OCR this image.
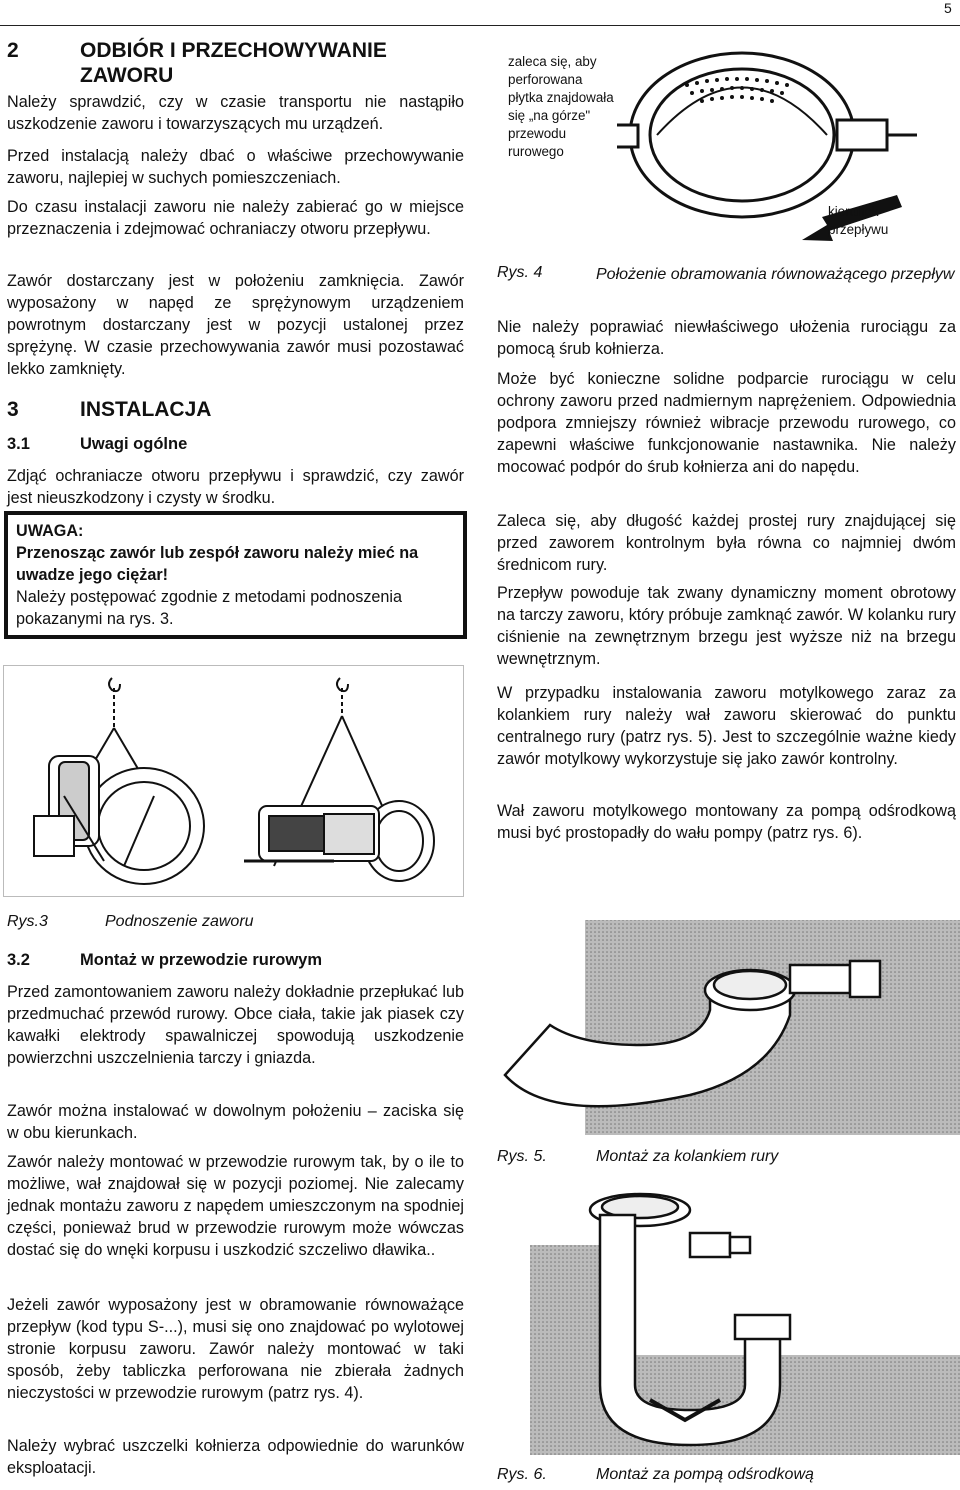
5
2	ODBIÓR I PRZECHOWYWANIE
ZAWORU

Należy sprawdzić, czy w czasie transportu nie nastąpiło uszkodzenie zaworu i towarzyszących mu urządzeń.

Przed instalacją należy dbać o właściwe przechowywanie zaworu, najlepiej w suchych pomieszczeniach.

Do czasu instalacji zaworu nie należy zabierać go w miejsce przeznaczenia i zdejmować ochraniaczy otworu przepływu.

Zawór dostarczany jest w położeniu zamknięcia. Zawór wyposażony w napęd ze sprężynowym urządzeniem powrotnym dostarczany jest w pozycji ustalonej przez sprężynę. W czasie przechowywania zawór musi pozostawać lekko zamknięty.

3	INSTALACJA
3.1	Uwagi ogólne

Zdjąć ochraniacze otworu przepływu i sprawdzić, czy zawór jest nieuszkodzony i czysty w środku.

UWAGA:
Przenosząc zawór lub zespół zaworu należy mieć na uwadze jego ciężar!
Należy postępować zgodnie z metodami podnoszenia pokazanymi na rys. 3.
Rys.3	Podnoszenie zaworu
3.2	Montaż w przewodzie rurowym

Przed zamontowaniem zaworu należy dokładnie przepłukać lub przedmuchać przewód rurowy. Obce ciała, takie jak piasek czy kawałki elektrody spawalniczej spowodują uszkodzenie powierzchni uszczelnienia tarczy i gniazda.

Zawór można instalować w dowolnym położeniu – zaciska się w obu kierunkach.

Zawór należy montować w przewodzie rurowym tak, by o ile to możliwe, wał znajdował się w pozycji poziomej. Nie zalecamy jednak montażu zaworu z napędem umieszczonym na spodniej części, ponieważ brud w przewodzie rurowym może wówczas dostać się do wnęki korpusu i uszkodzić szczeliwo dławika..

Jeżeli zawór wyposażony jest w obramowanie równoważące przepływ (kod typu S-...), musi się ono znajdować po wylotowej stronie korpusu zaworu. Zawór należy montować w taki sposób, żeby tabliczka perforowana nie zbierała żadnych nieczystości w przewodzie rurowym (patrz rys. 4).

Należy wybrać uszczelki kołnierza odpowiednie do warunków eksploatacji.

zaleca się, aby perforowana płytka znajdowała się „na górze" przewodu rurowego
kierunek przepływu
Rys. 4	Położenie obramowania równoważącego przepływ

Nie należy poprawiać niewłaściwego ułożenia rurociągu za pomocą śrub kołnierza.

Może być konieczne solidne podparcie rurociągu w celu ochrony zaworu przed nadmiernym naprężeniem. Odpowiednia podpora zmniejszy również wibracje przewodu rurowego, co zapewni właściwe funkcjonowanie nastawnika. Nie należy mocować podpór do śrub kołnierza ani do napędu.

Zaleca się, aby długość każdej prostej rury znajdującej się przed zaworem kontrolnym była równa co najmniej dwóm średnicom rury.

Przepływ powoduje tak zwany dynamiczny moment obrotowy na tarczy zaworu, który próbuje zamknąć zawór. W kolanku rury ciśnienie na zewnętrznym brzegu jest wyższe niż na brzegu wewnętrznym.

W przypadku instalowania zaworu motylkowego zaraz za kolankiem rury należy wał zaworu skierować do punktu centralnego rury (patrz rys. 5). Jest to szczególnie ważne kiedy zawór motylkowy wykorzystuje się jako zawór kontrolny.

Wał zaworu motylkowego montowany za pompą odśrodkową musi być prostopadły do wału pompy (patrz rys. 6).

Rys. 5.	Montaż za kolankiem rury
Rys. 6.	Montaż za pompą odśrodkową
